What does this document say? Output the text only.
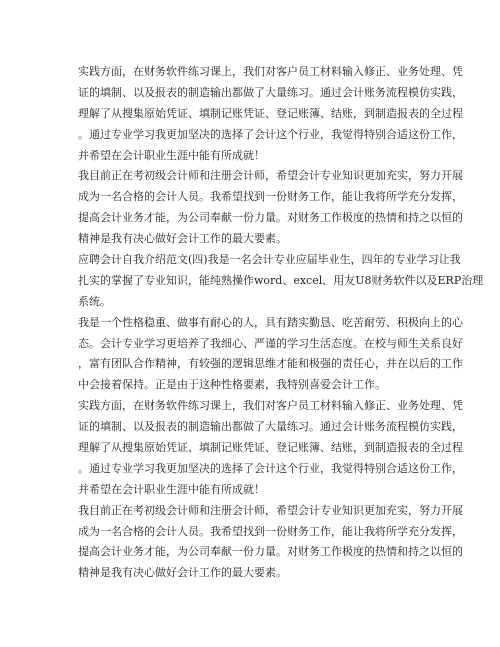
实践方面，在财务软件练习课上，我们对客户员工材料输入修正、业务处理、凭
证的填制、以及报表的制造输出都做了大量练习。通过会计账务流程模仿实践，
理解了从搜集原始凭证、填制记账凭证、登记账簿、结账，到制造报表的全过程
。通过专业学习我更加坚决的选择了会计这个行业，我觉得特别合适这份工作，
并希望在会计职业生涯中能有所成就！
我目前正在考初级会计师和注册会计师，希望会计专业知识更加充实，努力开展
成为一名合格的会计人员。我希望找到一份财务工作，能让我将所学充分发挥，
提高会计业务才能，为公司奉献一份力量。对财务工作极度的热情和持之以恒的
精神是我有决心做好会计工作的最大要素。
应聘会计自我介绍范文(四)我是一名会计专业应届毕业生，四年的专业学习让我
扎实的掌握了专业知识，能纯熟操作word、excel、用友U8财务软件以及ERP治理
系统。
我是一个性格稳重、做事有耐心的人，具有踏实勤恳、吃苦耐劳、积极向上的心
态。会计专业学习更培养了我细心、严谨的学习生活态度。在校与师生关系良好
，富有团队合作精神，有较强的逻辑思维才能和极强的责任心，并在以后的工作
中会接着保持。正是由于这种性格要素，我特别喜爱会计工作。
实践方面，在财务软件练习课上，我们对客户员工材料输入修正、业务处理、凭
证的填制、以及报表的制造输出都做了大量练习。通过会计账务流程模仿实践，
理解了从搜集原始凭证、填制记账凭证、登记账簿、结账，到制造报表的全过程
。通过专业学习我更加坚决的选择了会计这个行业，我觉得特别合适这份工作，
并希望在会计职业生涯中能有所成就！
我目前正在考初级会计师和注册会计师，希望会计专业知识更加充实，努力开展
成为一名合格的会计人员。我希望找到一份财务工作，能让我将所学充分发挥，
提高会计业务才能，为公司奉献一份力量。对财务工作极度的热情和持之以恒的
精神是我有决心做好会计工作的最大要素。
